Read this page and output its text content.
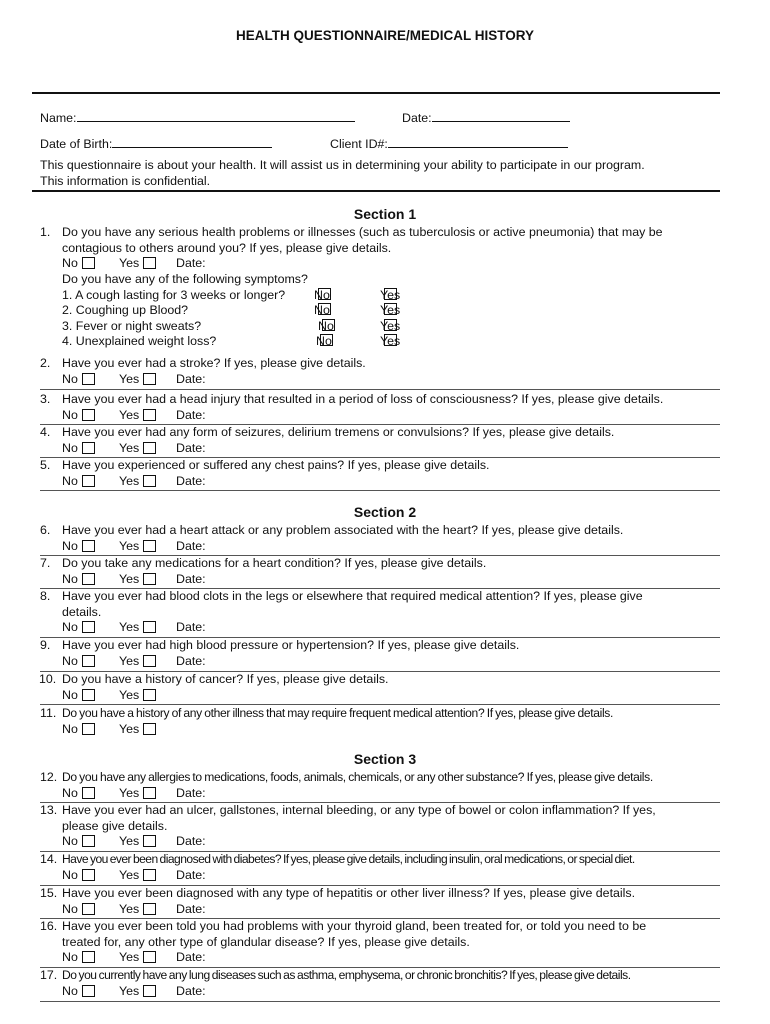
HEALTH QUESTIONNAIRE/MEDICAL HISTORY
Name:	Date:
Date of Birth:	Client ID#:
This questionnaire is about your health. It will assist us in determining your ability to participate in our program.
This information is confidential.
Section 1
1. Do you have any serious health problems or illnesses (such as tuberculosis or active pneumonia) that may be
contagious to others around you? If yes, please give details.
No	Yes	Date:
Do you have any of the following symptoms?
1. A cough lasting for 3 weeks or longer? No	Yes
2. Coughing up Blood?	No	Yes
3. Fever or night sweats?	No	Yes
4. Unexplained weight loss?	No	Yes
2. Have you ever had a stroke? If yes, please give details.
No	Yes	Date:
3. Have you ever had a head injury that resulted in a period of loss of consciousness? If yes, please give details.
No	Yes	Date:
4. Have you ever had any form of seizures, delirium tremens or convulsions? If yes, please give details.
No	Yes	Date:
5. Have you experienced or suffered any chest pains? If yes, please give details.
No	Yes	Date:
Section 2
6. Have you ever had a heart attack or any problem associated with the heart? If yes, please give details.
No	Yes	Date:
7. Do you take any medications for a heart condition? If yes, please give details.
No	Yes	Date:
8. Have you ever had blood clots in the legs or elsewhere that required medical attention? If yes, please give
details.
No	Yes	Date:
9. Have you ever had high blood pressure or hypertension? If yes, please give details.
No	Yes	Date:
10. Do you have a history of cancer? If yes, please give details.
No	Yes
11. Do you have a history of any other illness that may require frequent medical attention? If yes, please give details.
No	Yes
Section 3
12. Do you have any allergies to medications, foods, animals, chemicals, or any other substance? If yes, please give details.
No	Yes	Date:
13. Have you ever had an ulcer, gallstones, internal bleeding, or any type of bowel or colon inflammation? If yes,
please give details.
No	Yes	Date:
14. Have you ever been diagnosed with diabetes? If yes, please give details, including insulin, oral medications, or special diet.
No	Yes	Date:
15. Have you ever been diagnosed with any type of hepatitis or other liver illness? If yes, please give details.
No	Yes	Date:
16. Have you ever been told you had problems with your thyroid gland, been treated for, or told you need to be
treated for, any other type of glandular disease? If yes, please give details.
No	Yes	Date:
17. Do you currently have any lung diseases such as asthma, emphysema, or chronic bronchitis? If yes, please give details.
No	Yes	Date:
